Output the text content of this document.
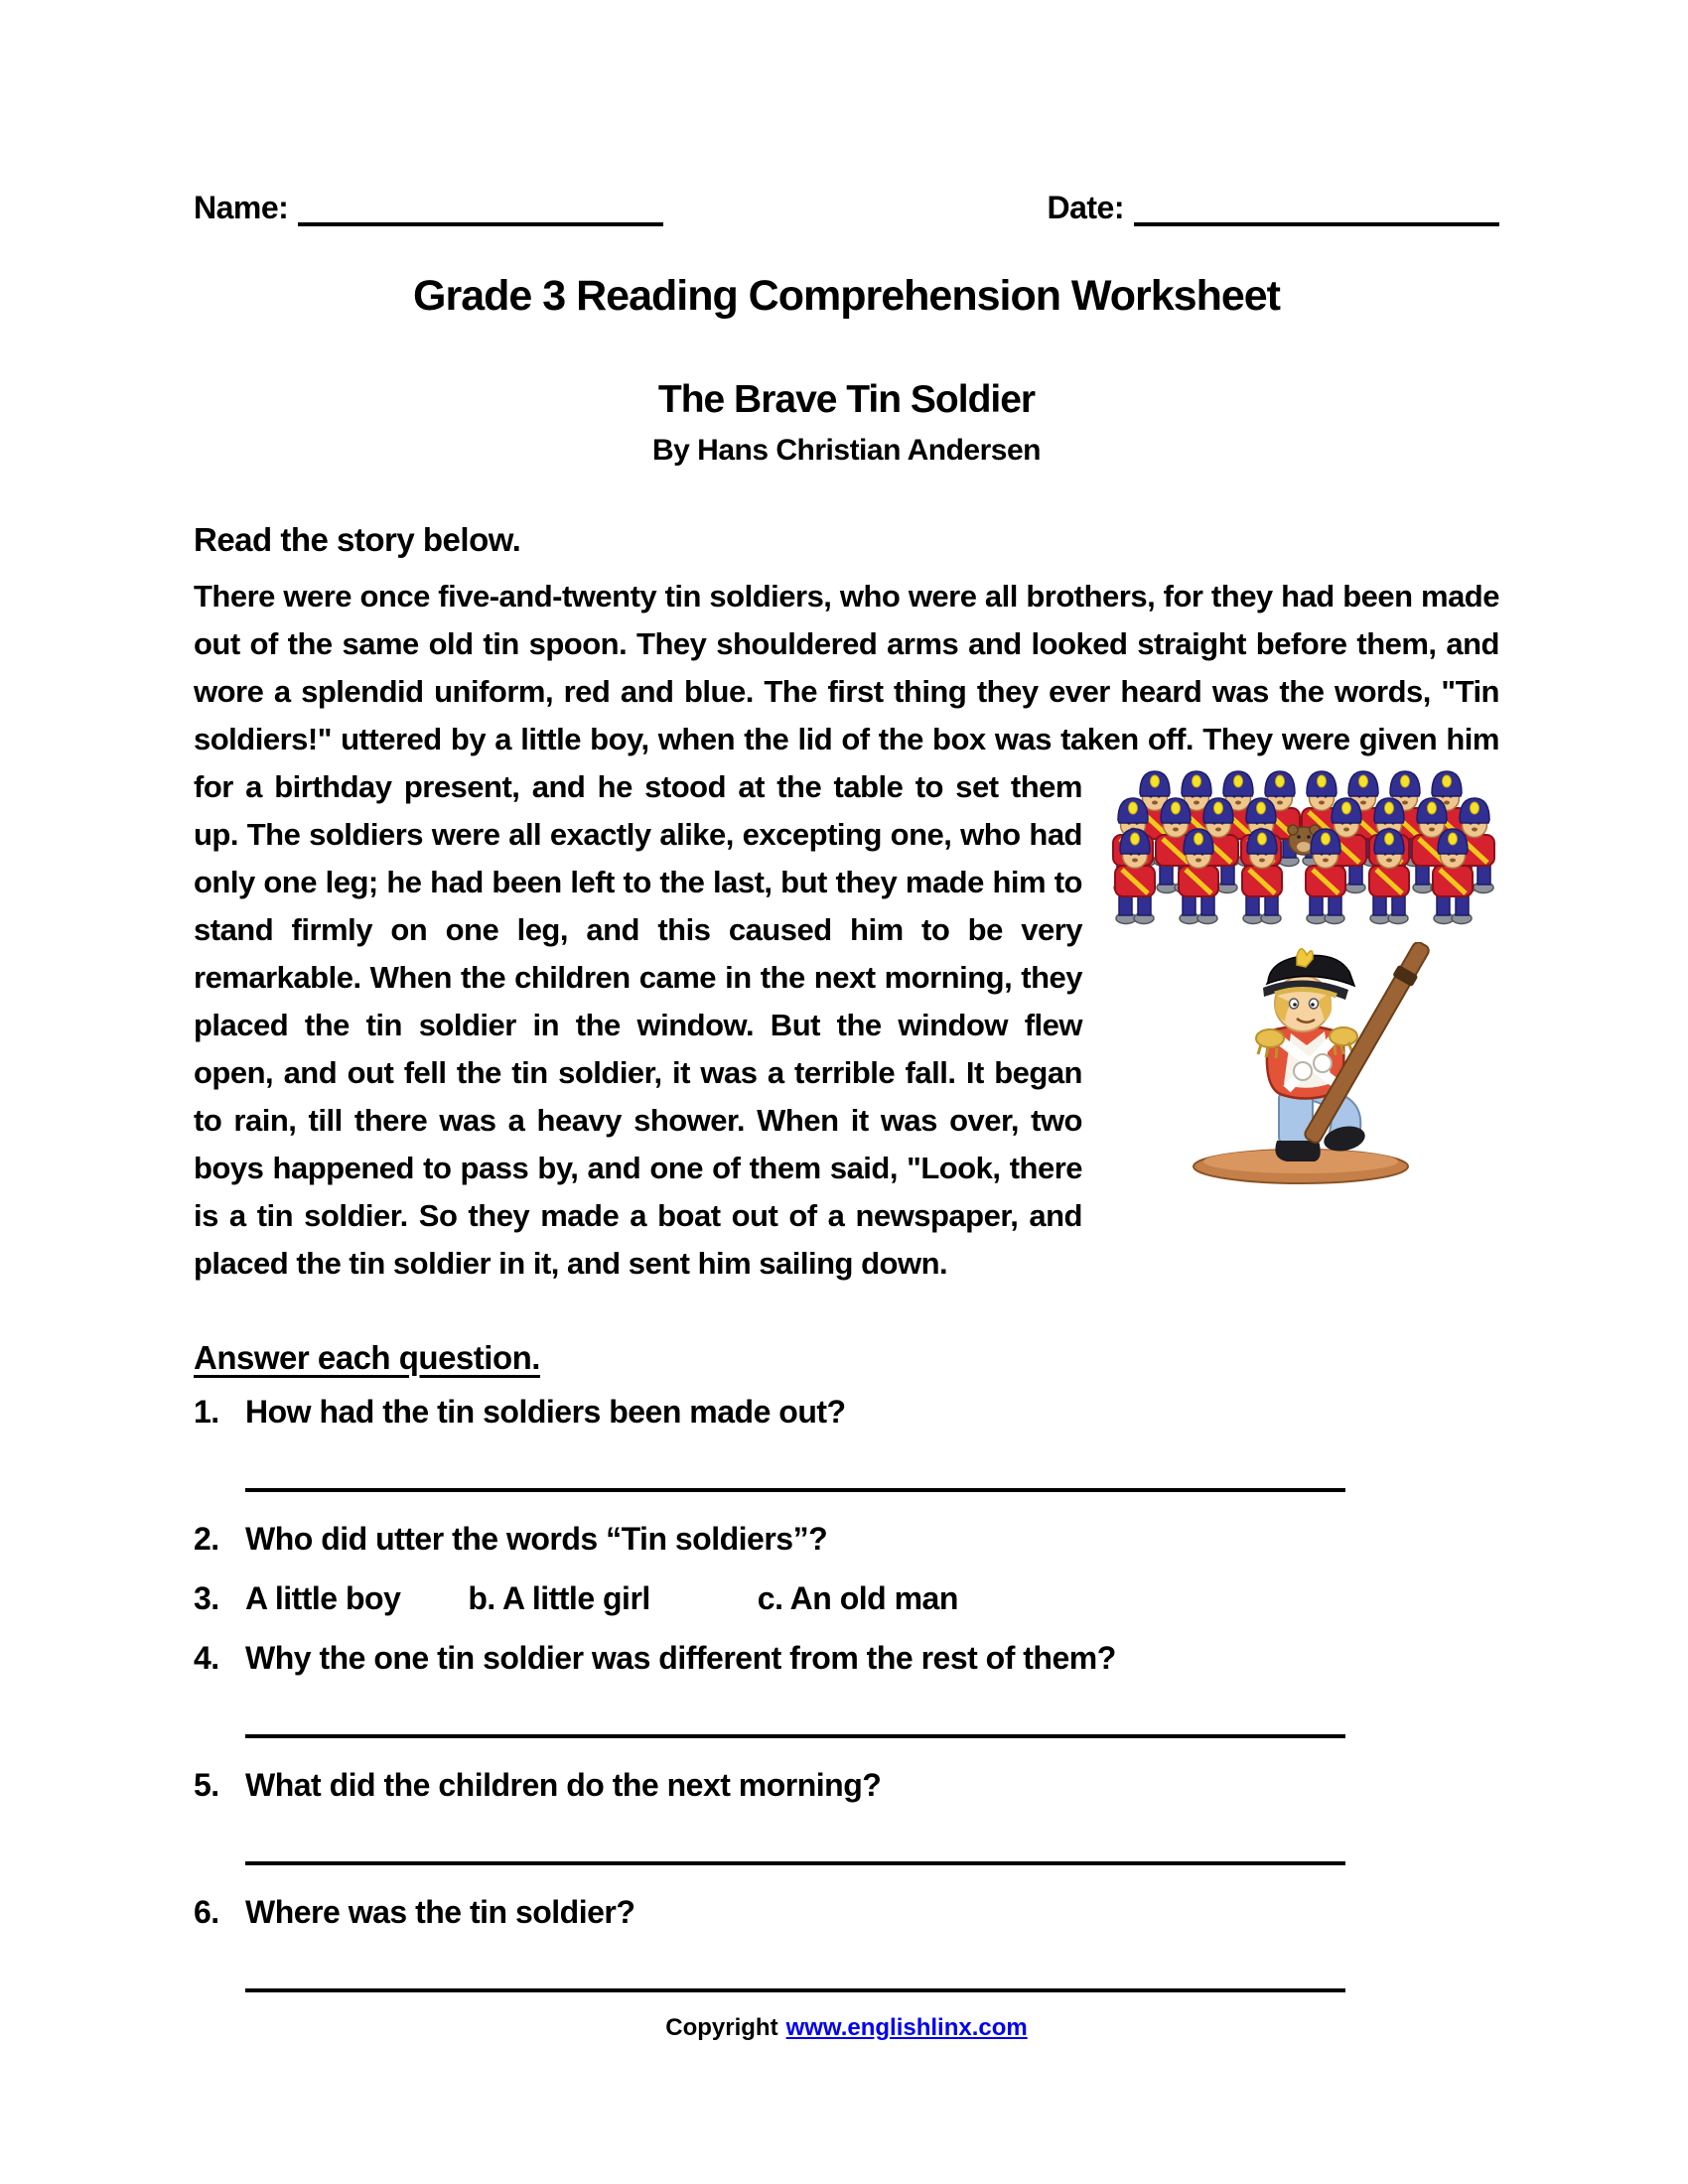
Name:	Date:
Grade 3 Reading Comprehension Worksheet
The Brave Tin Soldier
By Hans Christian Andersen
Read the story below.

There were once five-and-twenty tin soldiers, who were all brothers, for they had been made out of the same old tin spoon. They shouldered arms and looked straight before them, and wore a splendid uniform, red and blue. The first thing they ever heard was the words, "Tin soldiers!" uttered by a little boy, when the lid of the box was taken off. They were given him for a birthday
present, and he stood at the table to set them up. The soldiers were all exactly alike, excepting one, who had only one leg; he had been left to the last, but they made him to stand firmly on one leg, and this caused him to be very remarkable. When the children came in the next morning, they placed the tin soldier in the window. But the window flew open, and out fell the tin soldier, it was a terrible fall. It began to rain, till there was a heavy shower. When it was over, two boys happened to pass by, and one of them said, "Look, there is a tin soldier. So they made a boat out of a newspaper, and placed the tin soldier in it, and sent him sailing down.

Answer each question.
1. How had the tin soldiers been made out?
2. Who did utter the words “Tin soldiers”?
3. A little boy b. A little girl	c. An old man
4. Why the one tin soldier was different from the rest of them?
5. What did the children do the next morning?
6. Where was the tin soldier?
Copyright www.englishlinx.com
